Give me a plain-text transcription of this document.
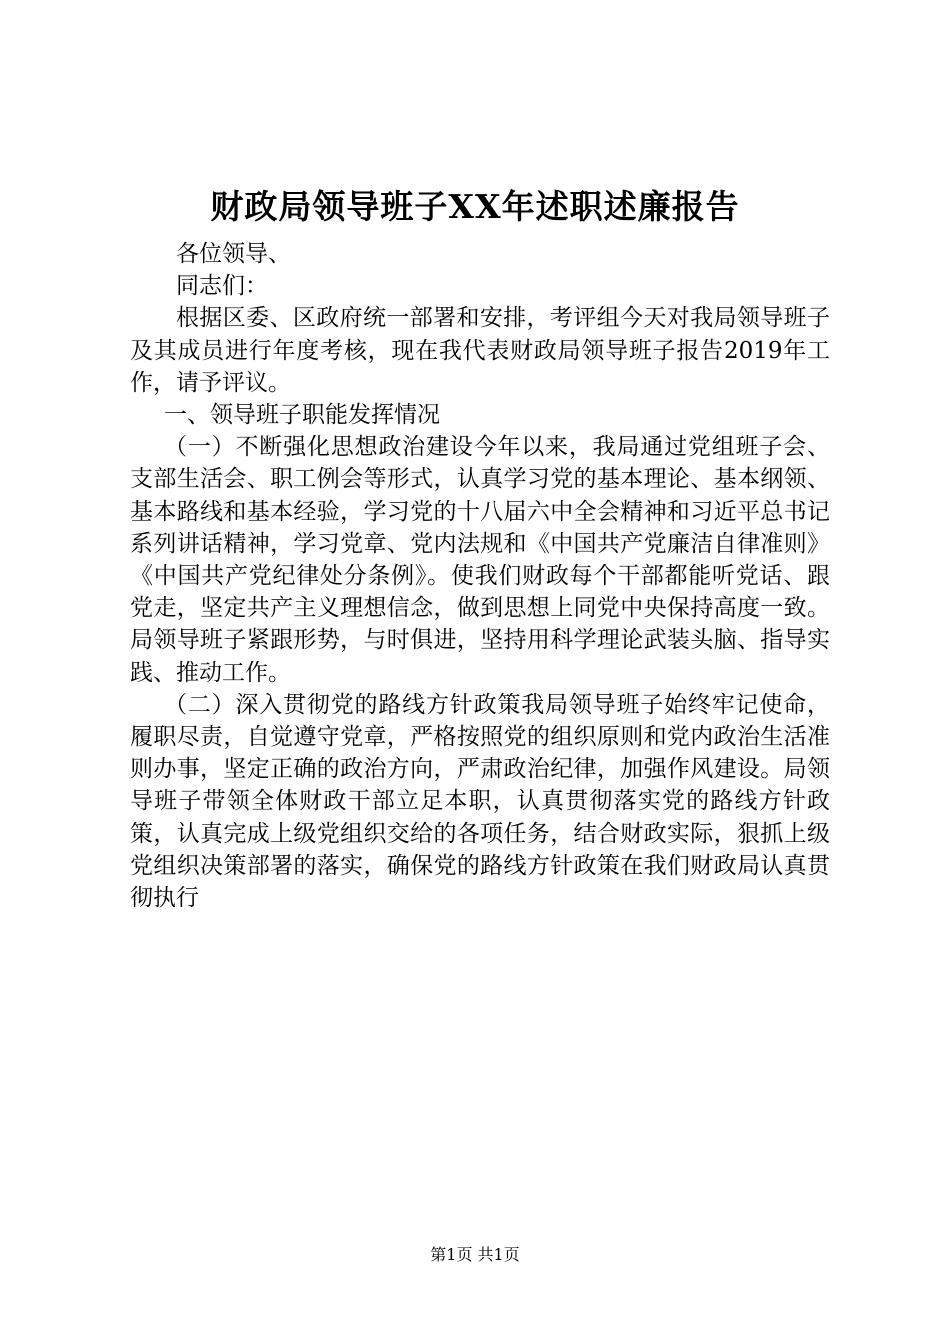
财政局领导班子XX年述职述廉报告

各位领导、

同志们：

根据区委、区政府统一部署和安排，考评组今天对我局领导班子及其成员进行年度考核，现在我代表财政局领导班子报告2019年工作，请予评议。

一、领导班子职能发挥情况

（一）不断强化思想政治建设今年以来，我局通过党组班子会、支部生活会、职工例会等形式，认真学习党的基本理论、基本纲领、基本路线和基本经验，学习党的十八届六中全会精神和习近平总书记系列讲话精神，学习党章、党内法规和《中国共产党廉洁自律准则》《中国共产党纪律处分条例》。使我们财政每个干部都能听党话、跟党走，坚定共产主义理想信念，做到思想上同党中央保持高度一致。局领导班子紧跟形势，与时俱进，坚持用科学理论武装头脑、指导实践、推动工作。

（二）深入贯彻党的路线方针政策我局领导班子始终牢记使命，履职尽责，自觉遵守党章，严格按照党的组织原则和党内政治生活准则办事，坚定正确的政治方向，严肃政治纪律，加强作风建设。局领导班子带领全体财政干部立足本职，认真贯彻落实党的路线方针政策，认真完成上级党组织交给的各项任务，结合财政实际，狠抓上级党组织决策部署的落实，确保党的路线方针政策在我们财政局认真贯彻执行

第1页 共1页
